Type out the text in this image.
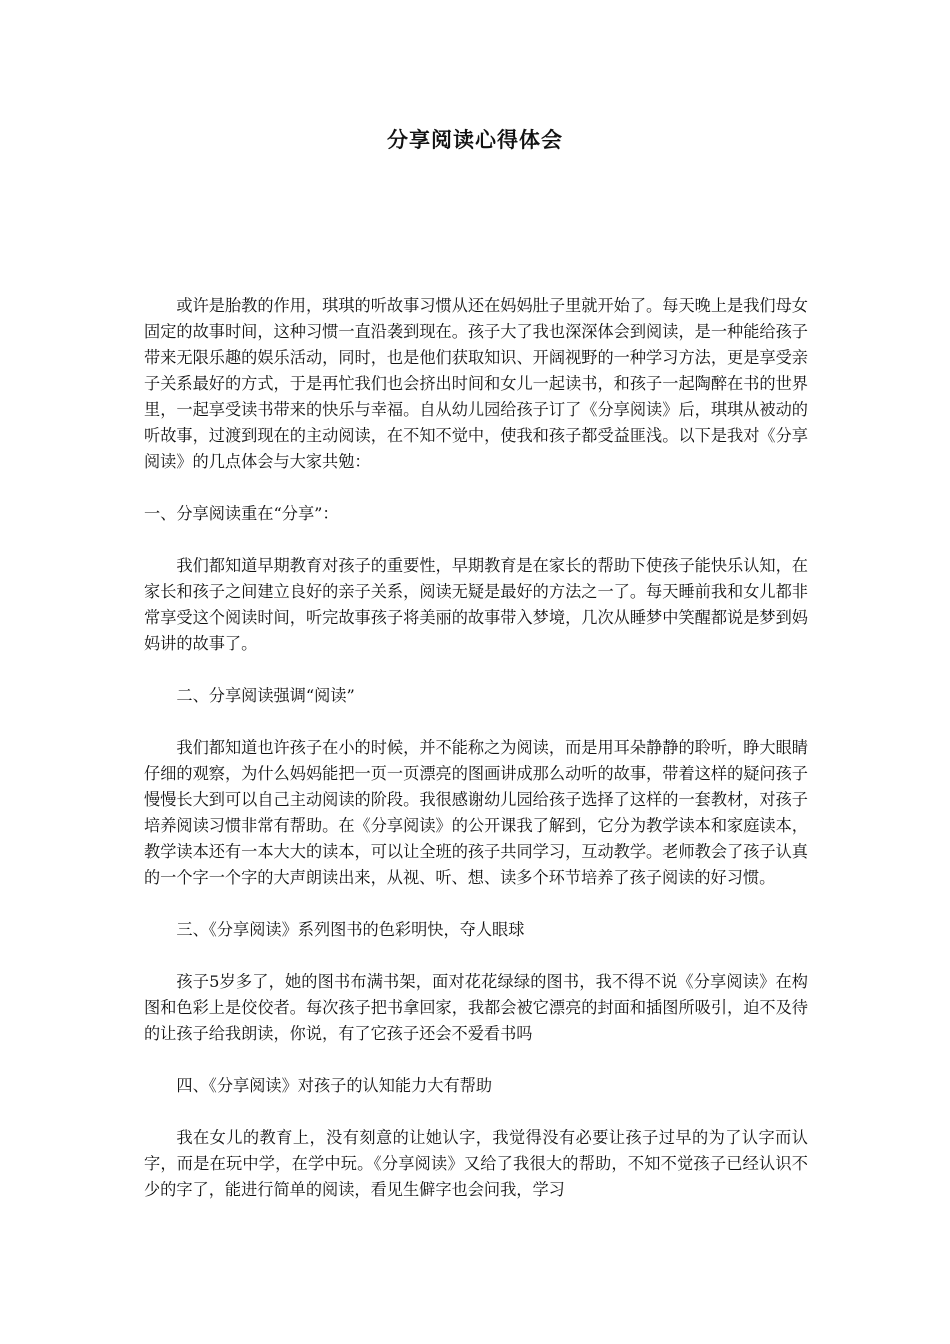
分享阅读心得体会

或许是胎教的作用，琪琪的听故事习惯从还在妈妈肚子里就开始了。每天晚上是我们母女固定的故事时间，这种习惯一直沿袭到现在。孩子大了我也深深体会到阅读，是一种能给孩子带来无限乐趣的娱乐活动，同时，也是他们获取知识、开阔视野的一种学习方法，更是享受亲子关系最好的方式，于是再忙我们也会挤出时间和女儿一起读书，和孩子一起陶醉在书的世界里，一起享受读书带来的快乐与幸福。自从幼儿园给孩子订了《分享阅读》后，琪琪从被动的听故事，过渡到现在的主动阅读，在不知不觉中，使我和孩子都受益匪浅。以下是我对《分享阅读》的几点体会与大家共勉：

一、分享阅读重在“分享”：

我们都知道早期教育对孩子的重要性，早期教育是在家长的帮助下使孩子能快乐认知，在家长和孩子之间建立良好的亲子关系，阅读无疑是最好的方法之一了。每天睡前我和女儿都非常享受这个阅读时间，听完故事孩子将美丽的故事带入梦境，几次从睡梦中笑醒都说是梦到妈妈讲的故事了。

二、分享阅读强调“阅读”

我们都知道也许孩子在小的时候，并不能称之为阅读，而是用耳朵静静的聆听，睁大眼睛仔细的观察，为什么妈妈能把一页一页漂亮的图画讲成那么动听的故事，带着这样的疑问孩子慢慢长大到可以自己主动阅读的阶段。我很感谢幼儿园给孩子选择了这样的一套教材，对孩子培养阅读习惯非常有帮助。在《分享阅读》的公开课我了解到，它分为教学读本和家庭读本，教学读本还有一本大大的读本，可以让全班的孩子共同学习，互动教学。老师教会了孩子认真的一个字一个字的大声朗读出来，从视、听、想、读多个环节培养了孩子阅读的好习惯。

三、《分享阅读》系列图书的色彩明快，夺人眼球

孩子5岁多了，她的图书布满书架，面对花花绿绿的图书，我不得不说《分享阅读》在构图和色彩上是佼佼者。每次孩子把书拿回家，我都会被它漂亮的封面和插图所吸引，迫不及待的让孩子给我朗读，你说，有了它孩子还会不爱看书吗

四、《分享阅读》对孩子的认知能力大有帮助

我在女儿的教育上，没有刻意的让她认字，我觉得没有必要让孩子过早的为了认字而认字，而是在玩中学，在学中玩。《分享阅读》又给了我很大的帮助，不知不觉孩子已经认识不少的字了，能进行简单的阅读，看见生僻字也会问我，学习
